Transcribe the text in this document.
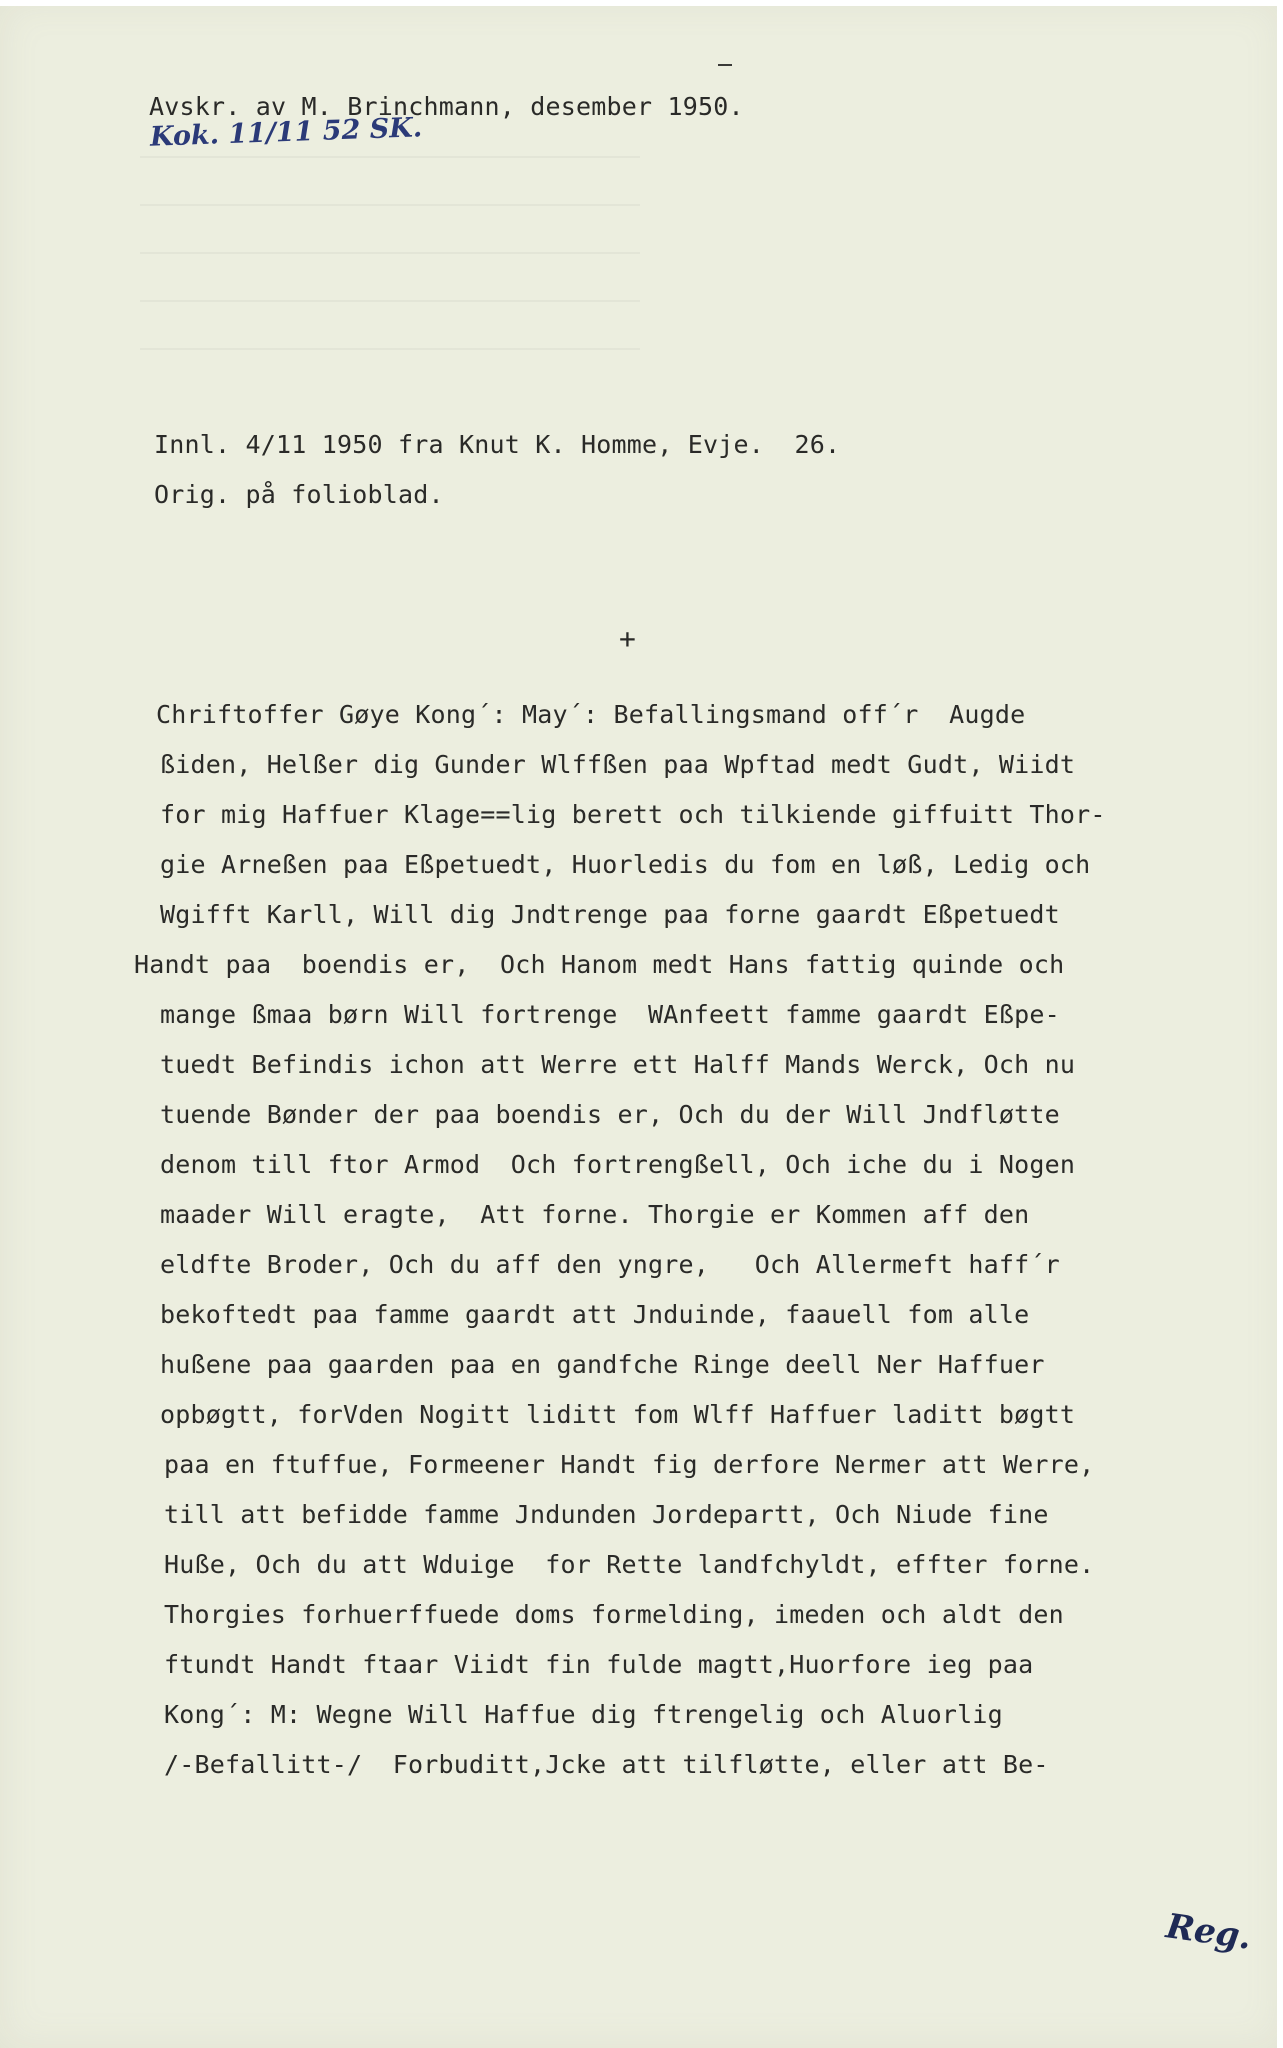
Avskr. av M. Brinchmann, desember 1950.
Kok. 11/11 52 SK.
Innl. 4/11 1950 fra Knut K. Homme, Evje.  26.
Orig. på folioblad.
+
Chriftoffer Gøye Kong´: May´: Befallingsmand off´r  Augde
ßiden, Helßer dig Gunder Wlffßen paa Wpftad medt Gudt, Wiidt
for mig Haffuer Klage==lig berett och tilkiende giffuitt Thor-
gie Arneßen paa Eßpetuedt, Huorledis du fom en løß, Ledig och
Wgifft Karll, Will dig Jndtrenge paa forne gaardt Eßpetuedt
Handt paa  boendis er,  Och Hanom medt Hans fattig quinde och
mange ßmaa børn Will fortrenge  WAnfeett famme gaardt Eßpe-
tuedt Befindis ichon att Werre ett Halff Mands Werck, Och nu
tuende Bønder der paa boendis er, Och du der Will Jndfløtte
denom till ftor Armod  Och fortrengßell, Och iche du i Nogen
maader Will eragte,  Att forne. Thorgie er Kommen aff den
eldfte Broder, Och du aff den yngre,   Och Allermeft haff´r
bekoftedt paa famme gaardt att Jnduinde, faauell fom alle
hußene paa gaarden paa en gandfche Ringe deell Ner Haffuer
opbøgtt, forVden Nogitt liditt fom Wlff Haffuer laditt bøgtt
paa en ftuffue, Formeener Handt fig derfore Nermer att Werre,
till att befidde famme Jndunden Jordepartt, Och Niude fine
Huße, Och du att Wduige  for Rette landfchyldt, effter forne.
Thorgies forhuerffuede doms formelding, imeden och aldt den
ftundt Handt ftaar Viidt fin fulde magtt,Huorfore ieg paa
Kong´: M: Wegne Will Haffue dig ftrengelig och Aluorlig
/-Befallitt-/  Forbuditt,Jcke att tilfløtte, eller att Be-
Reg.
